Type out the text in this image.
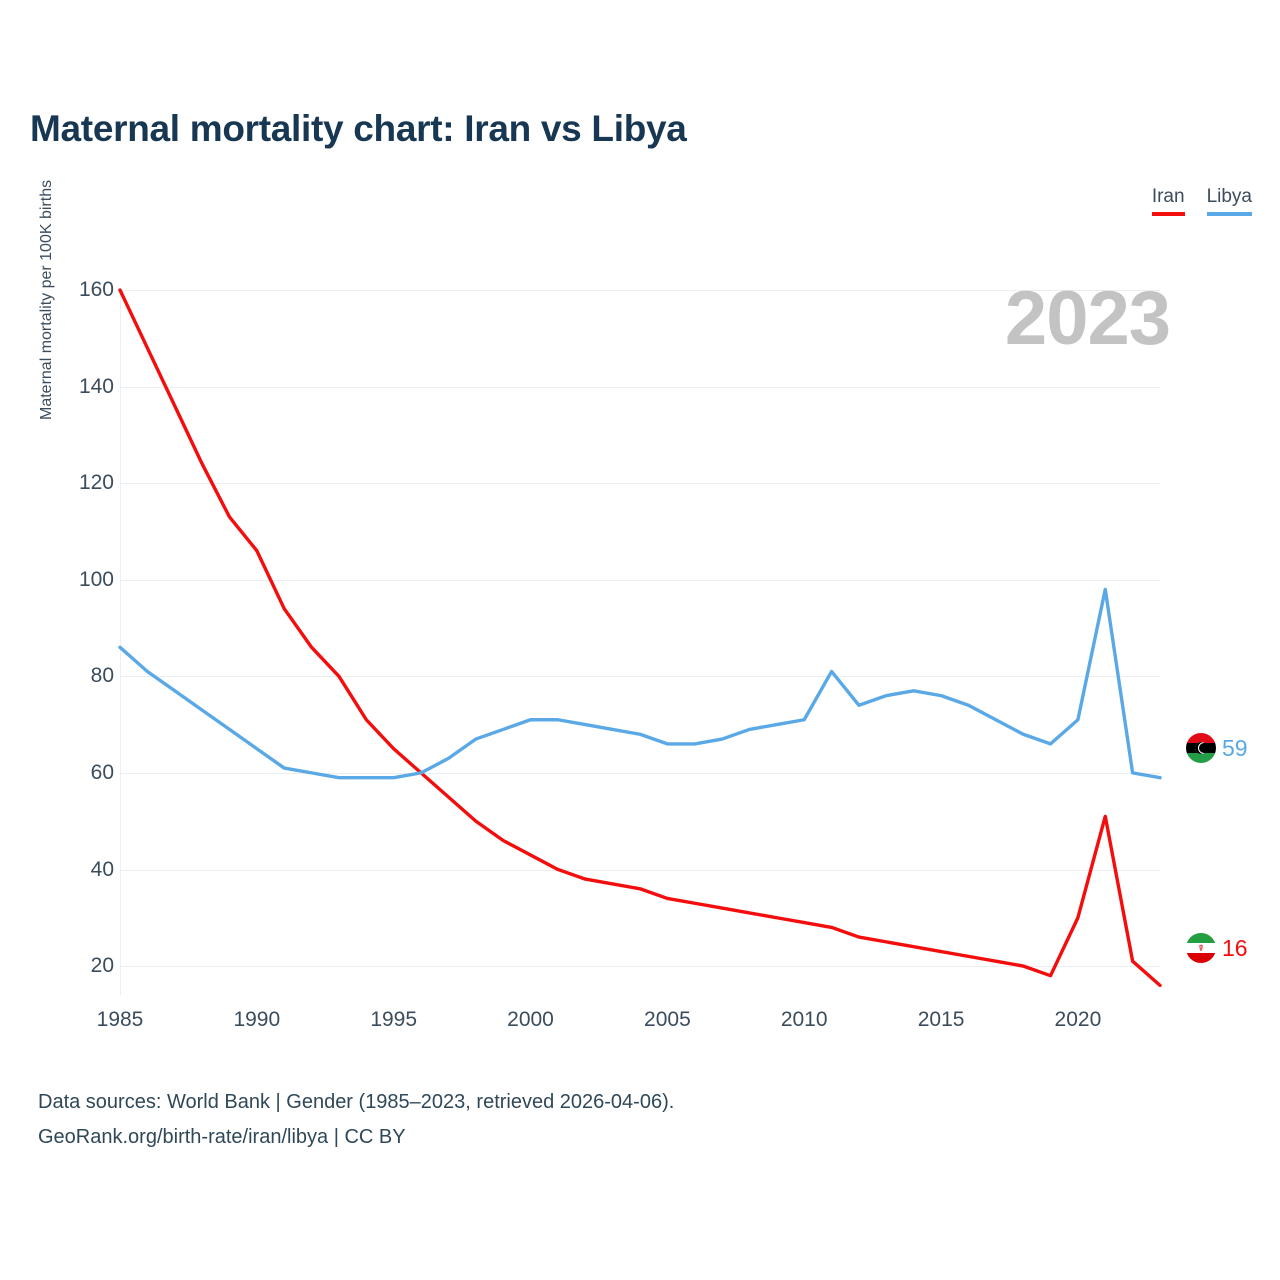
Maternal mortality chart: Iran vs Libya
Iran Libya
Maternal mortality per 100K births	160
140
120
100
80
60
40
20
1985	1990	1995	2000	2005	2010	2015	2020
2023
59
☤ 16
Data sources: World Bank | Gender (1985–2023, retrieved 2026-04-06).
GeoRank.org/birth-rate/iran/libya | CC BY
